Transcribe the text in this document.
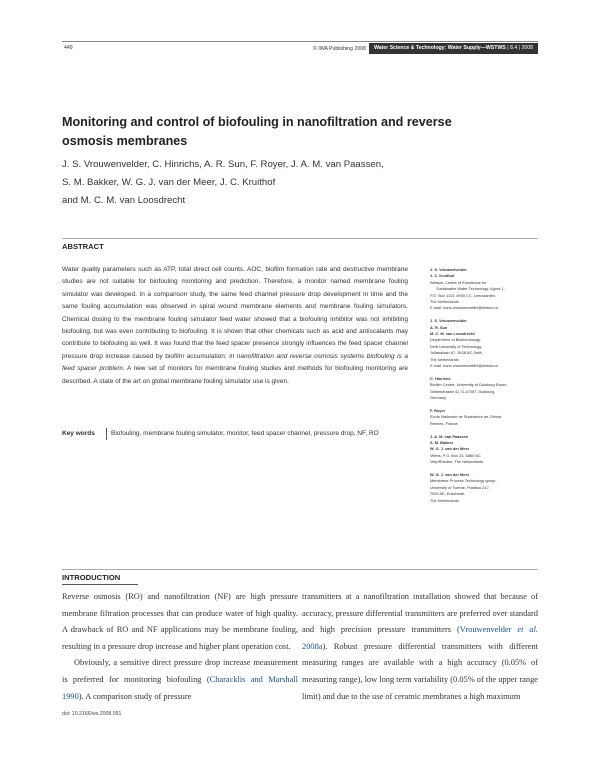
449	© IWA Publishing 2008	Water Science & Technology: Water Supply—WSTWS | 8.4 | 2008
Monitoring and control of biofouling in nanofiltration and reverse osmosis membranes
J. S. Vrouwenvelder, C. Hinrichs, A. R. Sun, F. Royer, J. A. M. van Paassen,
S. M. Bakker, W. G. J. van der Meer, J. C. Kruithof
and M. C. M. van Loosdrecht
ABSTRACT
Water quality parameters such as ATP, total direct cell counts, AOC, biofilm formation rate and destructive membrane studies are not suitable for biofouling monitoring and prediction. Therefore, a monitor named membrane fouling simulator was developed. In a comparison study, the same feed channel pressure drop development in time and the same fouling accumulation was observed in spiral wound membrane elements and membrane fouling simulators. Chemical dosing to the membrane fouling simulator feed water showed that a biofouling inhibitor was not inhibiting biofouling, but was even contributing to biofouling. It is shown that other chemicals such as acid and antiscalants may contribute to biofouling as well. It was found that the feed spacer presence strongly influences the feed spacer channel pressure drop increase caused by biofilm accumulation: in nanofiltration and reverse osmosis systems biofouling is a feed spacer problem. A new set of monitors for membrane fouling studies and methods for biofouling monitoring are described. A state of the art on global membrane fouling simulator use is given.
Key words	Biofouling, membrane fouling simulator, monitor, feed spacer channel, pressure drop, NF, RO
J. S. Vrouwenvelder
J. C. Kruithof
Wetsus, Centre of Excellence for
Sustainable Water Technology, Agora 1,
P.O. Box 1113, 8900 CC, Leeuwarden,
The Netherlands
E-mail: hans.vrouwenvelder@wetsus.nl
J. S. Vrouwenvelder
A. R. Sun
M. C. M. van Loosdrecht
Department of Biotechnology,
Delft University of Technology,
Julianalaan 67, 2628 BC Delft,
The Netherlands
E-mail: hans.vrouwenvelder@wetsus.nl
C. Hinrichs
Biofilm Centre, University of Duisburg Essen,
Geibelstrasse 41, D-47057, Duisburg,
Germany
F. Royer
Ecole Nationale de Supérieure de Chimie,
Rennes, France
J. A. M. van Paassen
S. M. Bakker
W. G. J. van der Meer
Vitens, P.O. Box 23, 6880 BC
Velp/Rheden, The Netherlands
W. G. J. van der Meer
Membrane Process Technology group,
University of Twente, Postbus 217,
7500 AE, Enschede,
The Netherlands
INTRODUCTION

Reverse osmosis (RO) and nanofiltration (NF) are high pressure membrane filtration processes that can produce water of high quality. A drawback of RO and NF applications may be membrane fouling, resulting in a pressure drop increase and higher plant operation cost.

Obviously, a sensitive direct pressure drop increase measurement is preferred for monitoring biofouling (Characklis and Marshall 1990). A comparison study of pressure

transmitters at a nanofiltration installation showed that because of accuracy, pressure differential transmitters are preferred over standard and high precision pressure transmitters (Vrouwenvelder et al. 2008a). Robust pressure differential transmitters with different measuring ranges are available with a high accuracy (0.05% of measuring range), low long term variability (0.05% of the upper range limit) and due to the use of ceramic membranes a high maximum

doi: 10.2166/ws.2008.091
